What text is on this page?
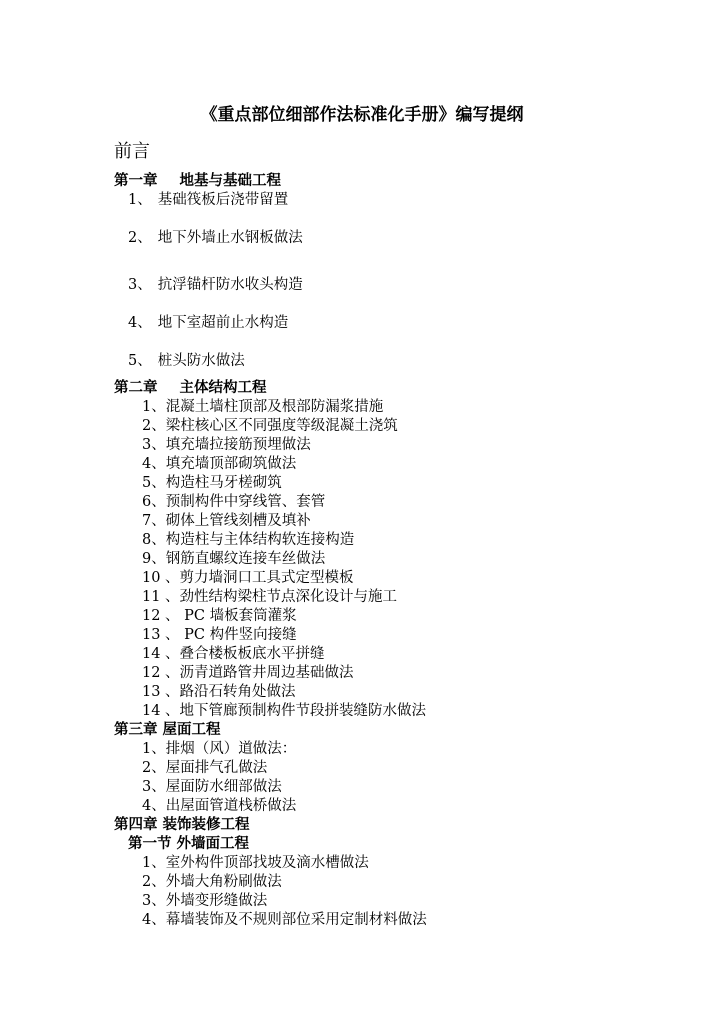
《重点部位细部作法标准化手册》编写提纲
前言
第一章 地基与基础工程
1、 基础筏板后浇带留置
2、 地下外墙止水钢板做法
3、 抗浮锚杆防水收头构造
4、 地下室超前止水构造
5、 桩头防水做法
第二章 主体结构工程
1、混凝土墙柱顶部及根部防漏浆措施
2、梁柱核心区不同强度等级混凝土浇筑
3、填充墙拉接筋预埋做法
4、填充墙顶部砌筑做法
5、构造柱马牙槎砌筑
6、预制构件中穿线管、套管
7、砌体上管线刻槽及填补
8、构造柱与主体结构软连接构造
9、钢筋直螺纹连接车丝做法
10 、剪力墙洞口工具式定型模板
11 、劲性结构梁柱节点深化设计与施工
12 、 PC 墙板套筒灌浆
13 、 PC 构件竖向接缝
14 、叠合楼板板底水平拼缝
12 、沥青道路管井周边基础做法
13 、路沿石转角处做法
14 、地下管廊预制构件节段拼装缝防水做法
第三章 屋面工程
1、排烟（风）道做法：
2、屋面排气孔做法
3、屋面防水细部做法
4、出屋面管道栈桥做法
第四章 装饰装修工程
第一节 外墙面工程
1、室外构件顶部找坡及滴水槽做法
2、外墙大角粉刷做法
3、外墙变形缝做法
4、幕墙装饰及不规则部位采用定制材料做法
